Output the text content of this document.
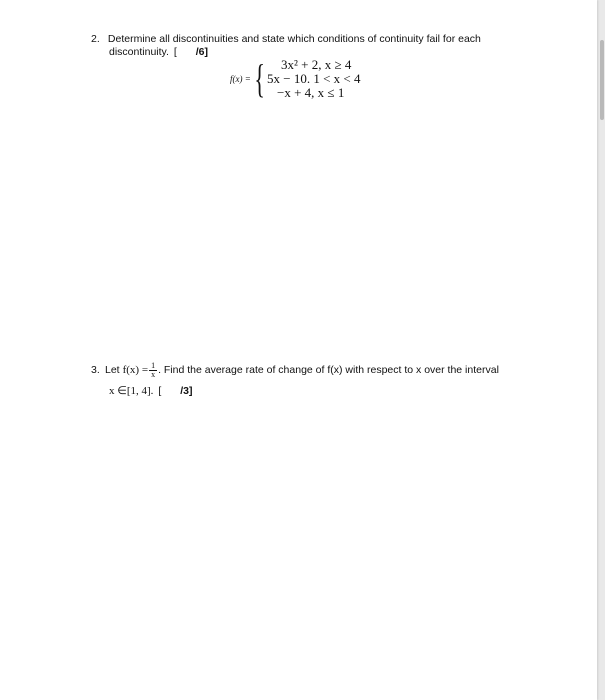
2. Determine all discontinuities and state which conditions of continuity fail for each
discontinuity. [ /6]
f(x) = {	3x² + 2, x ≥ 4
5x − 10. 1 < x < 4
−x + 4, x ≤ 1
3. Let $f(x) = \frac{1}{x}$ . Find the average rate of change of f(x) with respect to x over the interval
x ∈[1, 4]. [ /3]
